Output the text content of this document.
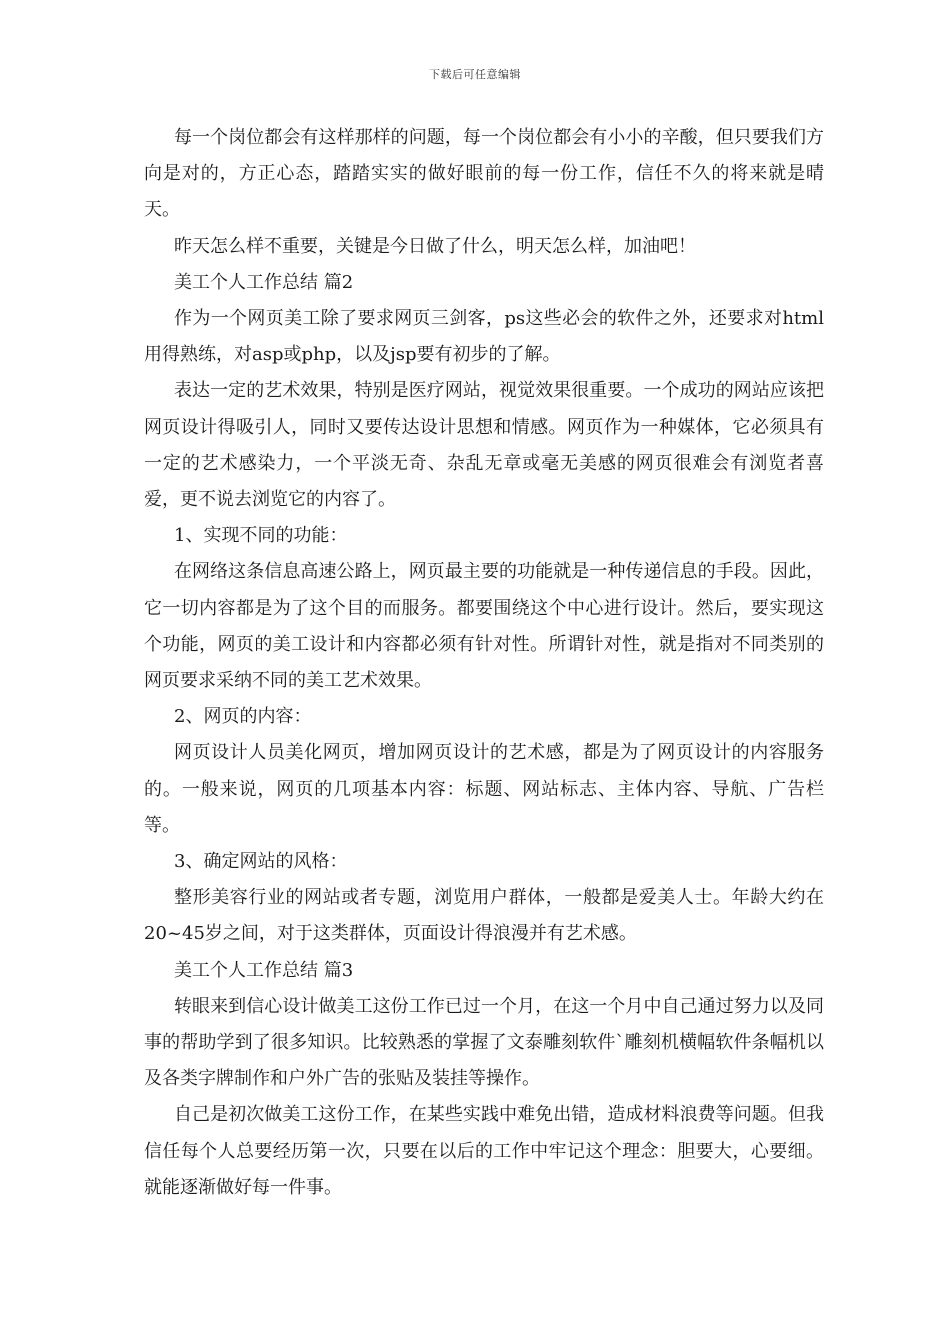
下载后可任意编辑

每一个岗位都会有这样那样的问题，每一个岗位都会有小小的辛酸，但只要我们方向是对的，方正心态，踏踏实实的做好眼前的每一份工作，信任不久的将来就是晴天。

昨天怎么样不重要，关键是今日做了什么，明天怎么样，加油吧！

美工个人工作总结 篇2

作为一个网页美工除了要求网页三剑客，ps这些必会的软件之外，还要求对html用得熟练，对asp或php，以及jsp要有初步的了解。

表达一定的艺术效果，特别是医疗网站，视觉效果很重要。一个成功的网站应该把网页设计得吸引人，同时又要传达设计思想和情感。网页作为一种媒体，它必须具有一定的艺术感染力，一个平淡无奇、杂乱无章或毫无美感的网页很难会有浏览者喜爱，更不说去浏览它的内容了。

1、实现不同的功能：

在网络这条信息高速公路上，网页最主要的功能就是一种传递信息的手段。因此，它一切内容都是为了这个目的而服务。都要围绕这个中心进行设计。然后，要实现这个功能，网页的美工设计和内容都必须有针对性。所谓针对性，就是指对不同类别的网页要求采纳不同的美工艺术效果。

2、网页的内容：

网页设计人员美化网页，增加网页设计的艺术感，都是为了网页设计的内容服务的。一般来说，网页的几项基本内容：标题、网站标志、主体内容、导航、广告栏等。

3、确定网站的风格：

整形美容行业的网站或者专题，浏览用户群体，一般都是爱美人士。年龄大约在20~45岁之间，对于这类群体，页面设计得浪漫并有艺术感。

美工个人工作总结 篇3

转眼来到信心设计做美工这份工作已过一个月，在这一个月中自己通过努力以及同事的帮助学到了很多知识。比较熟悉的掌握了文泰雕刻软件`雕刻机横幅软件条幅机以及各类字牌制作和户外广告的张贴及装挂等操作。

自己是初次做美工这份工作，在某些实践中难免出错，造成材料浪费等问题。但我信任每个人总要经历第一次，只要在以后的工作中牢记这个理念：胆要大，心要细。就能逐渐做好每一件事。
